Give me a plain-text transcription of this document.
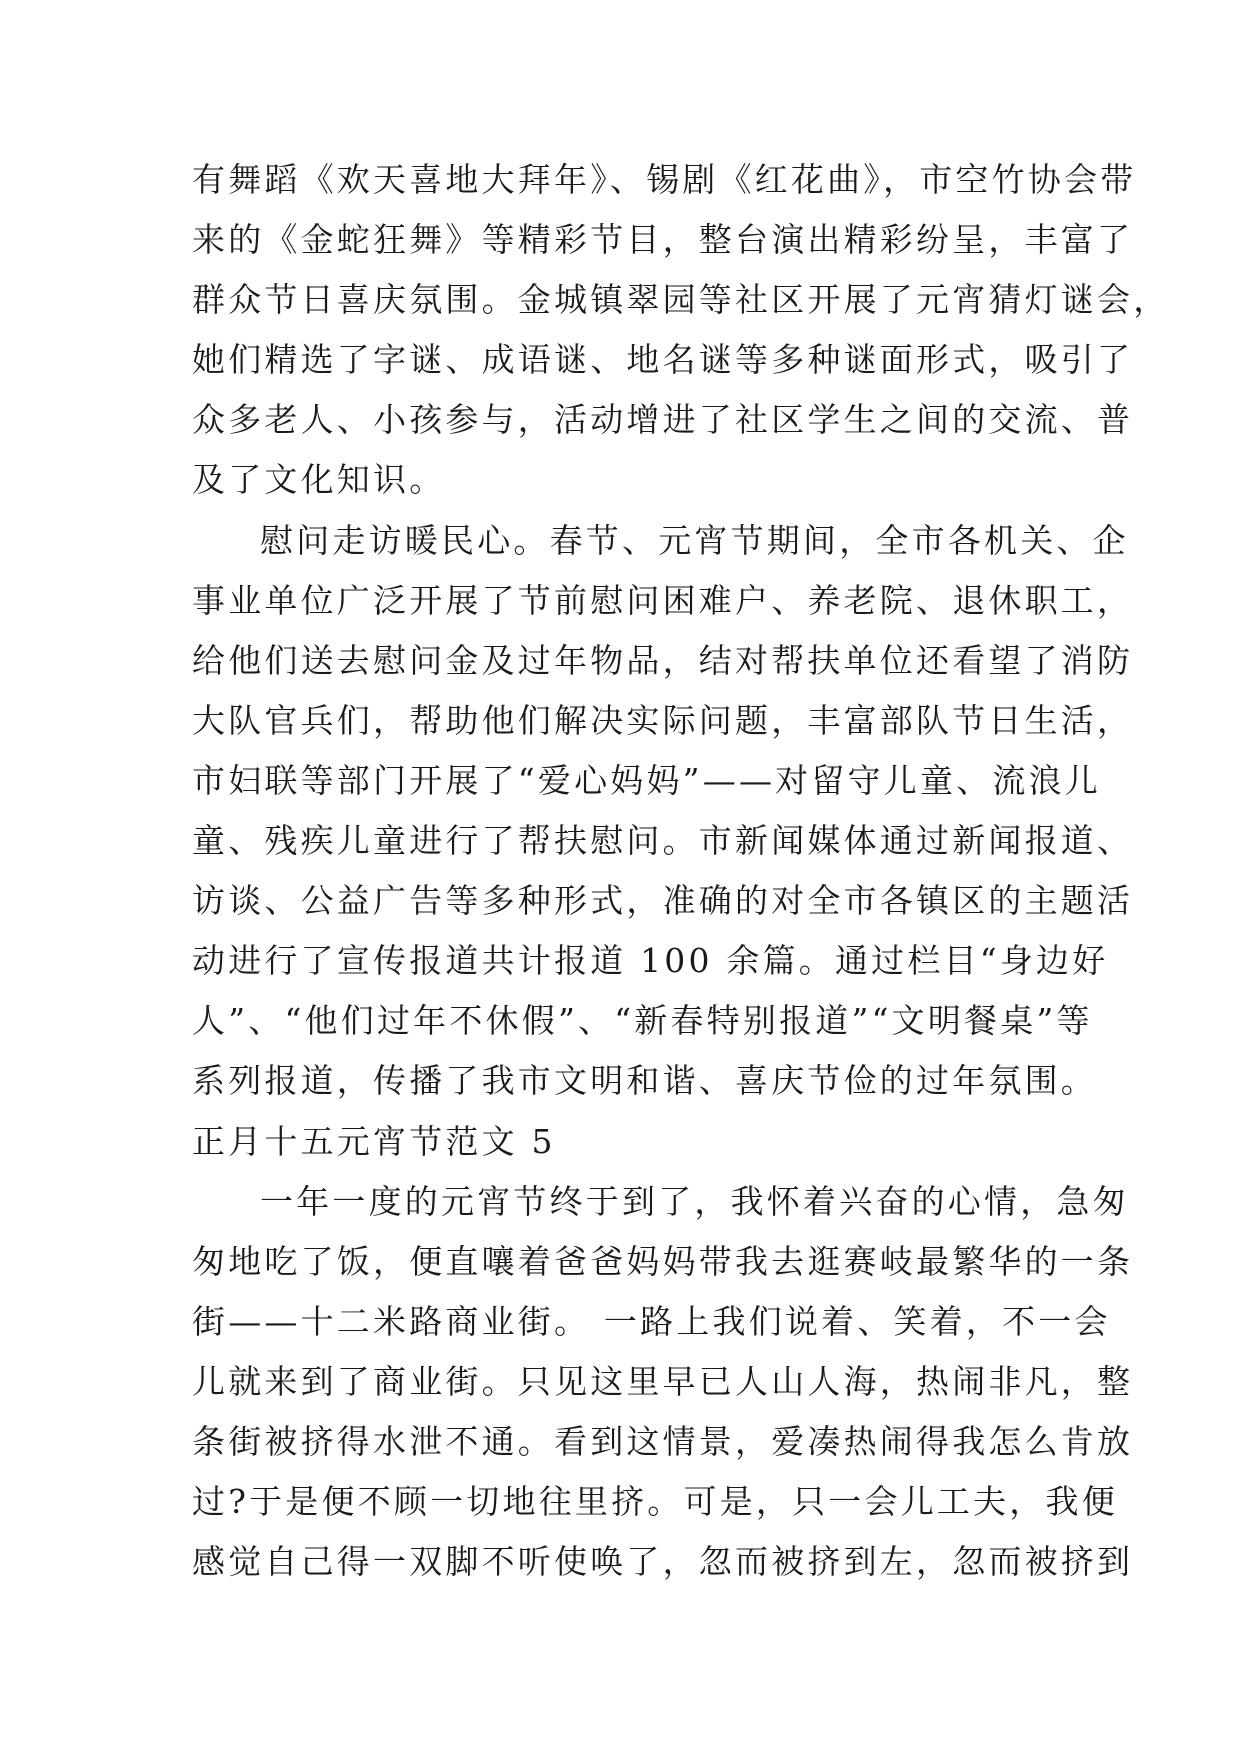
有舞蹈《欢天喜地大拜年》、锡剧《红花曲》，市空竹协会带
来的《金蛇狂舞》等精彩节目，整台演出精彩纷呈，丰富了
群众节日喜庆氛围。金城镇翠园等社区开展了元宵猜灯谜会，
她们精选了字谜、成语谜、地名谜等多种谜面形式，吸引了
众多老人、小孩参与，活动增进了社区学生之间的交流、普
及了文化知识。
慰问走访暖民心。春节、元宵节期间，全市各机关、企
事业单位广泛开展了节前慰问困难户、养老院、退休职工，
给他们送去慰问金及过年物品，结对帮扶单位还看望了消防
大队官兵们，帮助他们解决实际问题，丰富部队节日生活，
市妇联等部门开展了“爱心妈妈”——对留守儿童、流浪儿
童、残疾儿童进行了帮扶慰问。市新闻媒体通过新闻报道、
访谈、公益广告等多种形式，准确的对全市各镇区的主题活
动进行了宣传报道共计报道 100 余篇。通过栏目“身边好
人”、“他们过年不休假”、“新春特别报道”“文明餐桌”等
系列报道，传播了我市文明和谐、喜庆节俭的过年氛围。
正月十五元宵节范文 5
一年一度的元宵节终于到了，我怀着兴奋的心情，急匆
匆地吃了饭，便直嚷着爸爸妈妈带我去逛赛岐最繁华的一条
街——十二米路商业街。 一路上我们说着、笑着，不一会
儿就来到了商业街。只见这里早已人山人海，热闹非凡，整
条街被挤得水泄不通。看到这情景，爱凑热闹得我怎么肯放
过?于是便不顾一切地往里挤。可是，只一会儿工夫，我便
感觉自己得一双脚不听使唤了，忽而被挤到左，忽而被挤到
